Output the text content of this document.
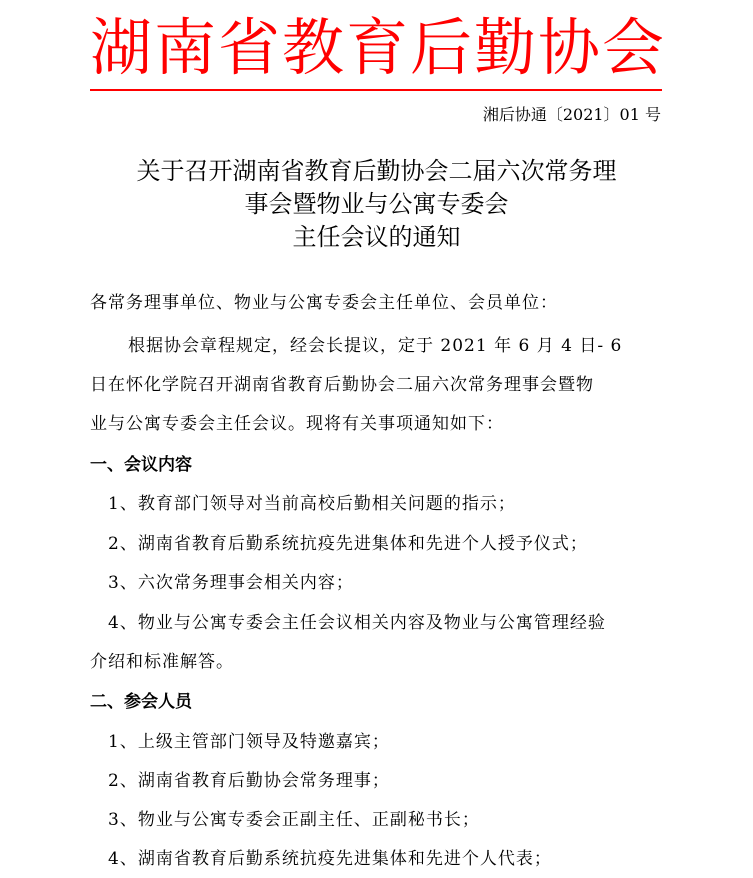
湖南省教育后勤协会
湘后协通〔2021〕01 号
关于召开湖南省教育后勤协会二届六次常务理
事会暨物业与公寓专委会
主任会议的通知
各常务理事单位、物业与公寓专委会主任单位、会员单位：
根据协会章程规定，经会长提议，定于 2021 年 6 月 4 日- 6
日在怀化学院召开湖南省教育后勤协会二届六次常务理事会暨物
业与公寓专委会主任会议。现将有关事项通知如下：
一、会议内容
1、教育部门领导对当前高校后勤相关问题的指示；
2、湖南省教育后勤系统抗疫先进集体和先进个人授予仪式；
3、六次常务理事会相关内容；
4、物业与公寓专委会主任会议相关内容及物业与公寓管理经验
介绍和标准解答。
二、参会人员
1、上级主管部门领导及特邀嘉宾；
2、湖南省教育后勤协会常务理事；
3、物业与公寓专委会正副主任、正副秘书长；
4、湖南省教育后勤系统抗疫先进集体和先进个人代表；
